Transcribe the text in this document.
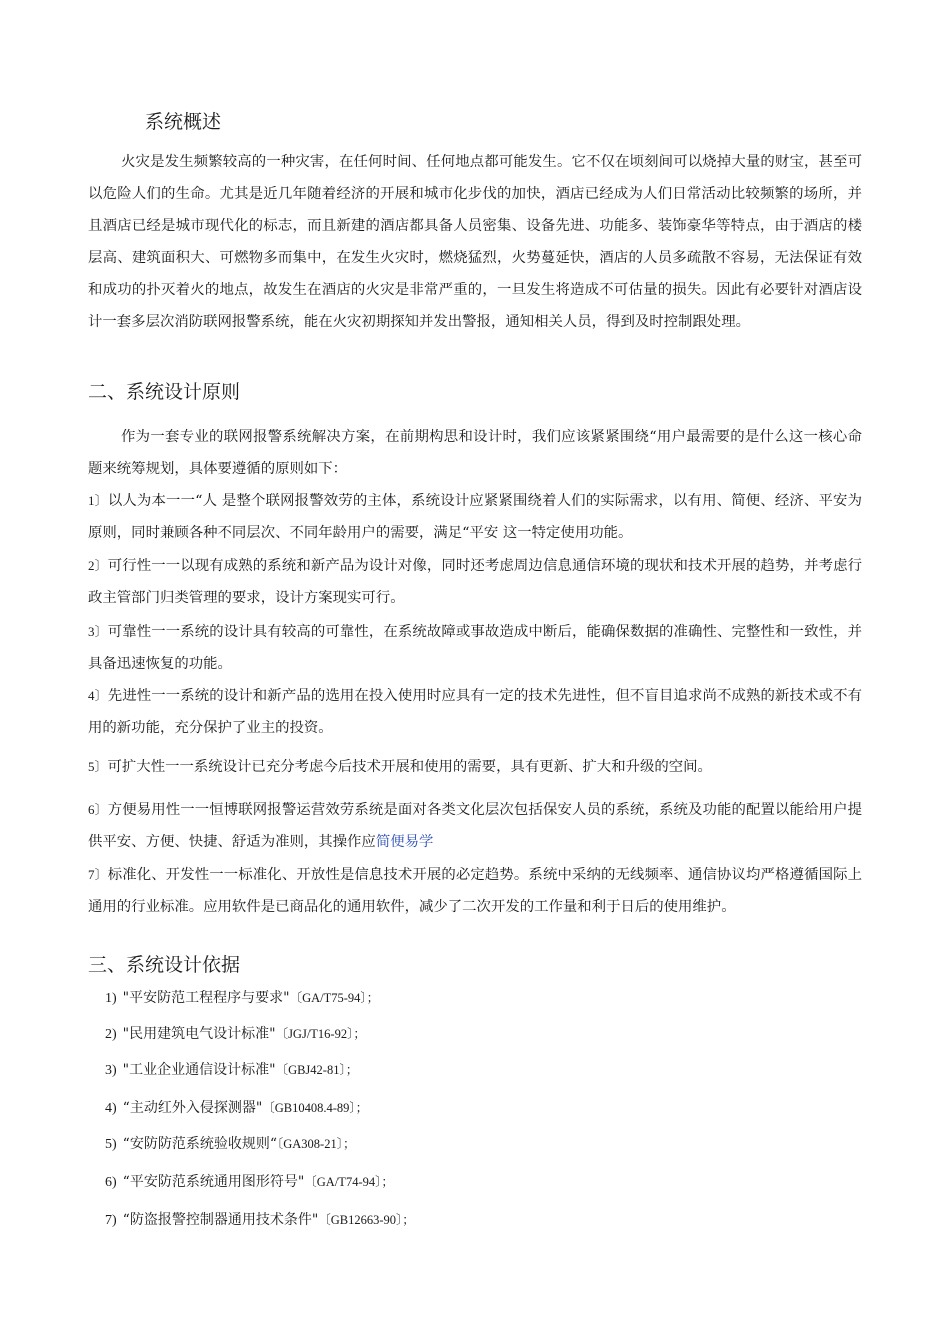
系统概述
火灾是发生频繁较高的一种灾害，在任何时间、任何地点都可能发生。它不仅在顷刻间可以烧掉大量的财宝，甚至可以危险人们的生命。尤其是近几年随着经济的开展和城市化步伐的加快，酒店已经成为人们日常活动比较频繁的场所，并且酒店已经是城市现代化的标志，而且新建的酒店都具备人员密集、设备先进、功能多、装饰豪华等特点，由于酒店的楼层高、建筑面积大、可燃物多而集中，在发生火灾时，燃烧猛烈，火势蔓延快，酒店的人员多疏散不容易，无法保证有效和成功的扑灭着火的地点，故发生在酒店的火灾是非常严重的，一旦发生将造成不可估量的损失。因此有必要针对酒店设计一套多层次消防联网报警系统，能在火灾初期探知并发出警报，通知相关人员，得到及时控制跟处理。
二、系统设计原则
作为一套专业的联网报警系统解决方案，在前期构思和设计时，我们应该紧紧围绕“用户最需要的是什么这一核心命题来统筹规划，具体要遵循的原则如下：
1〕以人为本一一“人 是整个联网报警效劳的主体，系统设计应紧紧围绕着人们的实际需求，以有用、简便、经济、平安为原则，同时兼顾各种不同层次、不同年龄用户的需要，满足“平安 这一特定使用功能。
2〕可行性一一以现有成熟的系统和新产品为设计对像，同时还考虑周边信息通信环境的现状和技术开展的趋势，并考虑行政主管部门归类管理的要求，设计方案现实可行。
3〕可靠性一一系统的设计具有较高的可靠性，在系统故障或事故造成中断后，能确保数据的准确性、完整性和一致性，并具备迅速恢复的功能。
4〕先进性一一系统的设计和新产品的选用在投入使用时应具有一定的技术先进性，但不盲目追求尚不成熟的新技术或不有用的新功能，充分保护了业主的投资。
5〕可扩大性一一系统设计已充分考虑今后技术开展和使用的需要，具有更新、扩大和升级的空间。
6〕方便易用性一一恒博联网报警运营效劳系统是面对各类文化层次包括保安人员的系统，系统及功能的配置以能给用户提供平安、方便、快捷、舒适为准则，其操作应简便易学
7〕标准化、开发性一一标准化、开放性是信息技术开展的必定趋势。系统中采纳的无线频率、通信协议均严格遵循国际上通用的行业标准。应用软件是已商品化的通用软件，减少了二次开发的工作量和利于日后的使用维护。
三、系统设计依据
1) "平安防范工程程序与要求"〔GA/T75-94〕；
2) "民用建筑电气设计标准"〔JGJ/T16-92〕；
3) "工业企业通信设计标准"〔GBJ42-81〕；
4) “主动红外入侵探测器"〔GB10408.4-89〕；
5) “安防防范系统验收规则“〔GA308-21〕；
6) “平安防范系统通用图形符号"〔GA/T74-94〕；
7) “防盗报警控制器通用技术条件"〔GB12663-90〕；
